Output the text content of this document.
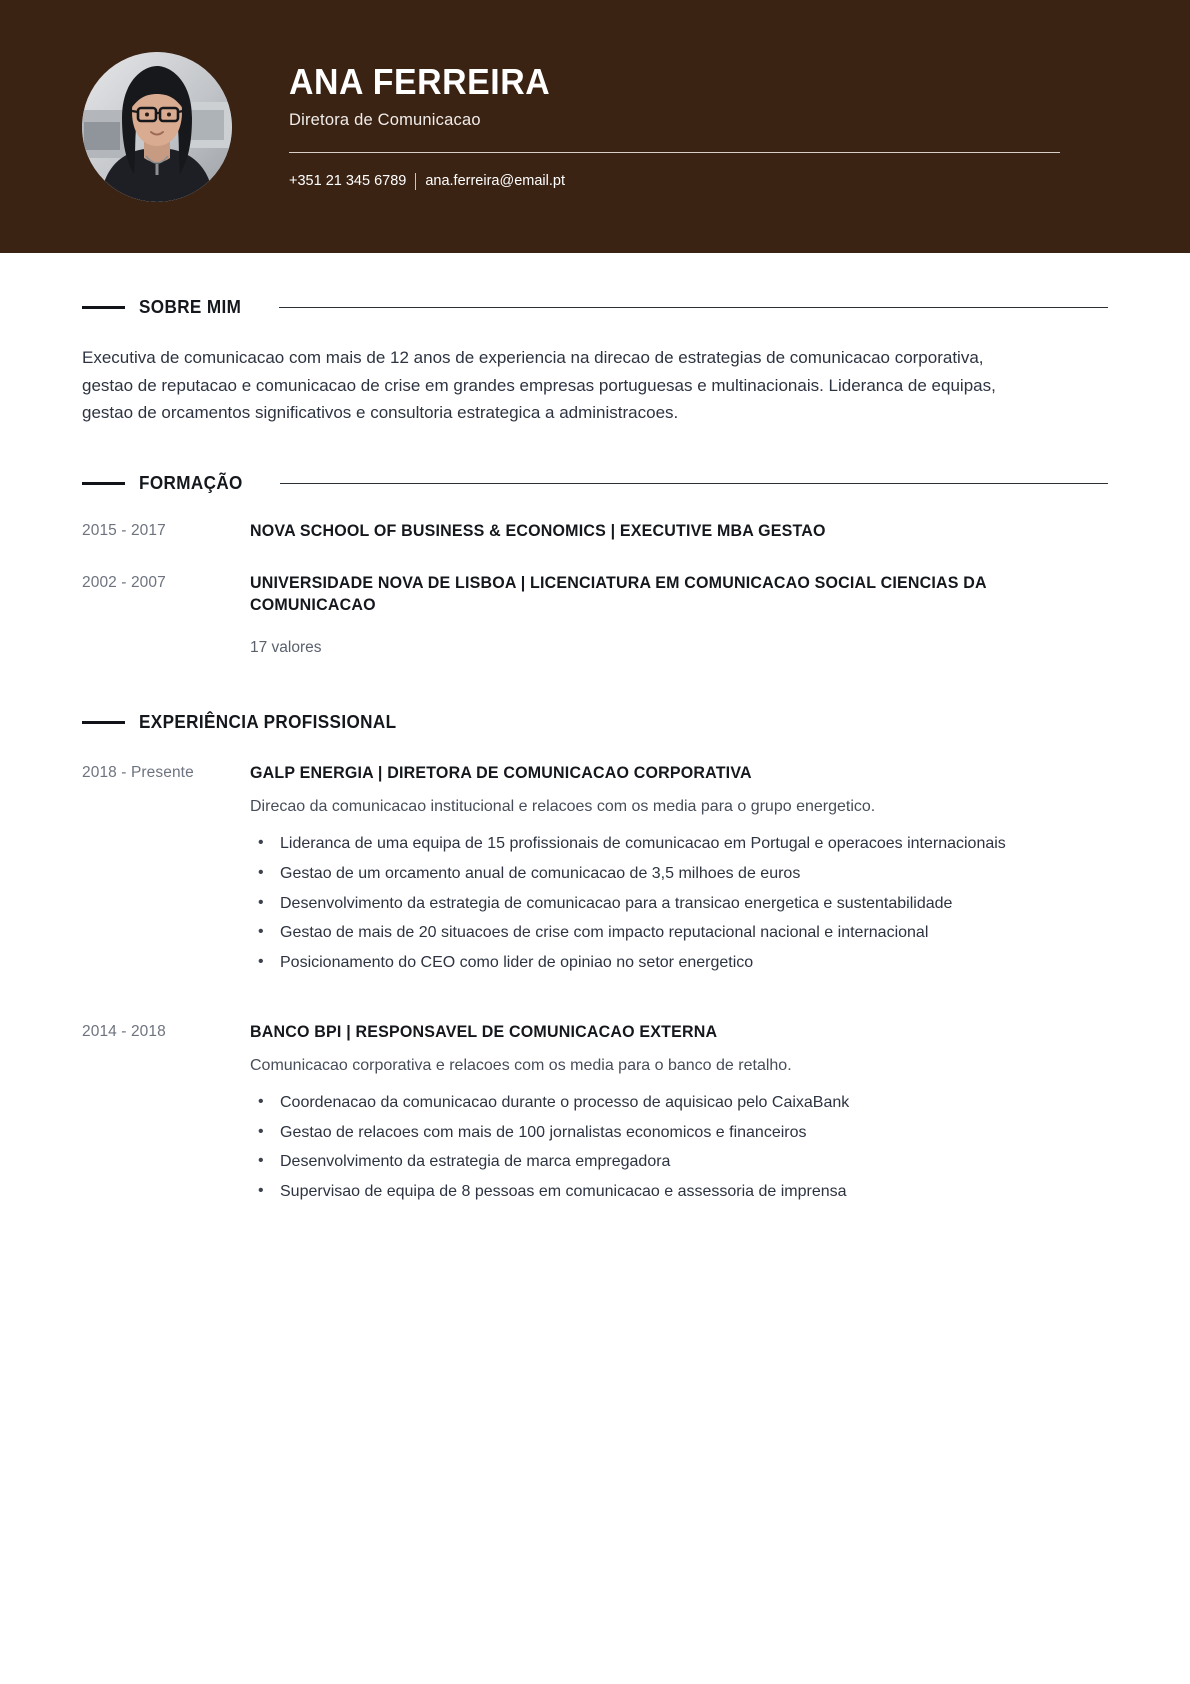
ANA FERREIRA
Diretora de Comunicacao
+351 21 345 6789 ana.ferreira@email.pt
SOBRE MIM

Executiva de comunicacao com mais de 12 anos de experiencia na direcao de estrategias de comunicacao corporativa, gestao de reputacao e comunicacao de crise em grandes empresas portuguesas e multinacionais. Lideranca de equipas, gestao de orcamentos significativos e consultoria estrategica a administracoes.

FORMAÇÃO
2015 - 2017	NOVA SCHOOL OF BUSINESS & ECONOMICS | EXECUTIVE MBA GESTAO
2002 - 2007	UNIVERSIDADE NOVA DE LISBOA | LICENCIATURA EM COMUNICACAO SOCIAL CIENCIAS DA COMUNICACAO
17 valores
EXPERIÊNCIA PROFISSIONAL
2018 - Presente	GALP ENERGIA | DIRETORA DE COMUNICACAO CORPORATIVA
Direcao da comunicacao institucional e relacoes com os media para o grupo energetico.
• Lideranca de uma equipa de 15 profissionais de comunicacao em Portugal e operacoes internacionais
• Gestao de um orcamento anual de comunicacao de 3,5 milhoes de euros
• Desenvolvimento da estrategia de comunicacao para a transicao energetica e sustentabilidade
• Gestao de mais de 20 situacoes de crise com impacto reputacional nacional e internacional
• Posicionamento do CEO como lider de opiniao no setor energetico
2014 - 2018	BANCO BPI | RESPONSAVEL DE COMUNICACAO EXTERNA
Comunicacao corporativa e relacoes com os media para o banco de retalho.
• Coordenacao da comunicacao durante o processo de aquisicao pelo CaixaBank
• Gestao de relacoes com mais de 100 jornalistas economicos e financeiros
• Desenvolvimento da estrategia de marca empregadora
• Supervisao de equipa de 8 pessoas em comunicacao e assessoria de imprensa
